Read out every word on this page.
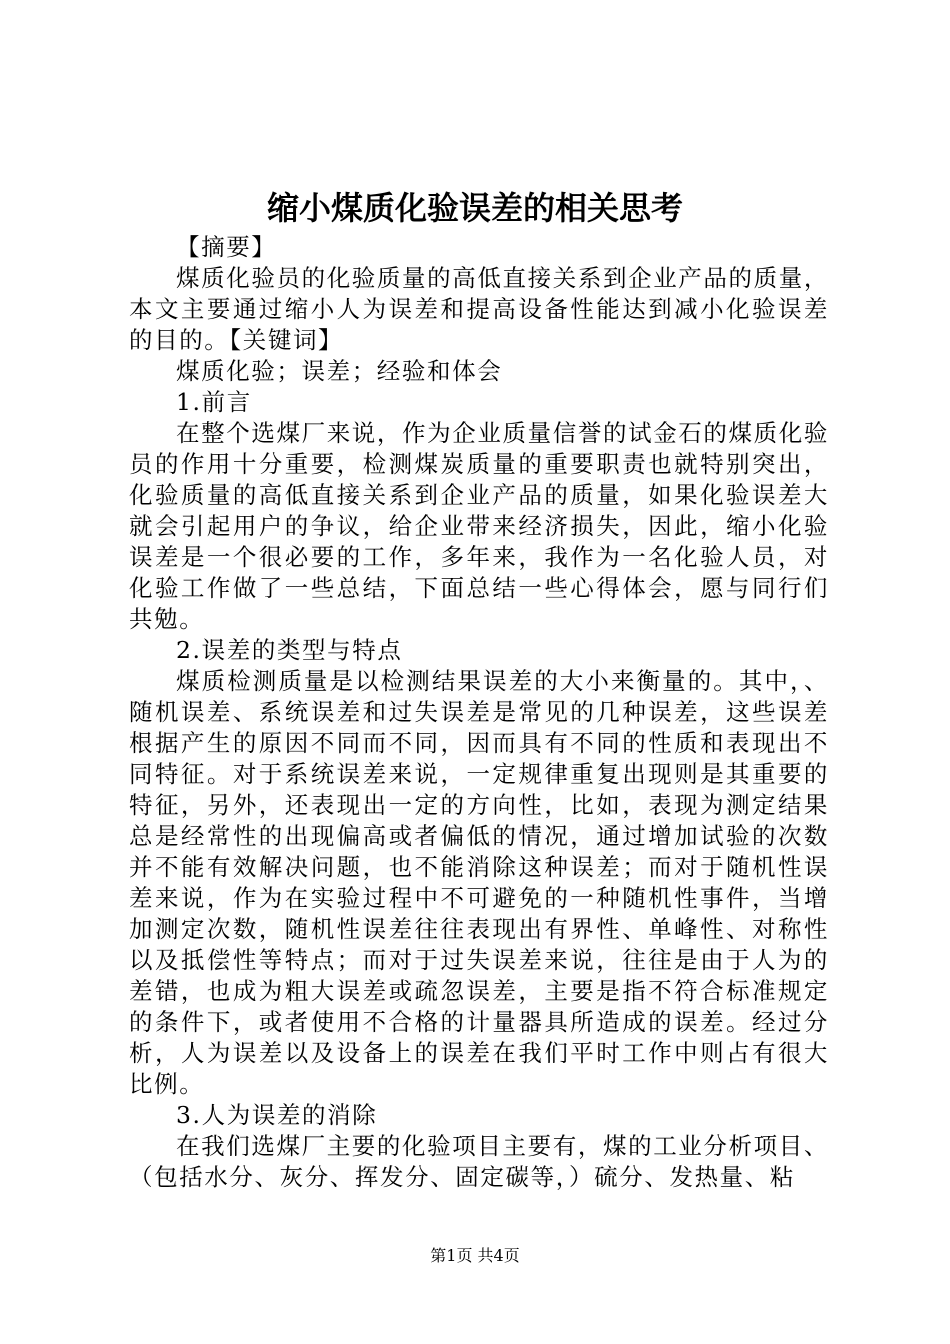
缩小煤质化验误差的相关思考

【摘要】

煤质化验员的化验质量的高低直接关系到企业产品的质量，本文主要通过缩小人为误差和提高设备性能达到减小化验误差的目的。【关键词】

煤质化验；误差；经验和体会

1.前言

在整个选煤厂来说，作为企业质量信誉的试金石的煤质化验员的作用十分重要，检测煤炭质量的重要职责也就特别突出，化验质量的高低直接关系到企业产品的质量，如果化验误差大就会引起用户的争议，给企业带来经济损失，因此，缩小化验误差是一个很必要的工作，多年来，我作为一名化验人员，对化验工作做了一些总结，下面总结一些心得体会，愿与同行们共勉。

2.误差的类型与特点

煤质检测质量是以检测结果误差的大小来衡量的。其中，、随机误差、系统误差和过失误差是常见的几种误差，这些误差根据产生的原因不同而不同，因而具有不同的性质和表现出不同特征。对于系统误差来说，一定规律重复出现则是其重要的特征，另外，还表现出一定的方向性，比如，表现为测定结果总是经常性的出现偏高或者偏低的情况，通过增加试验的次数并不能有效解决问题，也不能消除这种误差；而对于随机性误差来说，作为在实验过程中不可避免的一种随机性事件，当增加测定次数，随机性误差往往表现出有界性、单峰性、对称性以及抵偿性等特点；而对于过失误差来说，往往是由于人为的差错，也成为粗大误差或疏忽误差，主要是指不符合标准规定的条件下，或者使用不合格的计量器具所造成的误差。经过分析，人为误差以及设备上的误差在我们平时工作中则占有很大比例。

3.人为误差的消除

在我们选煤厂主要的化验项目主要有，煤的工业分析项目、（包括水分、灰分、挥发分、固定碳等，）硫分、发热量、粘

第1页 共4页
